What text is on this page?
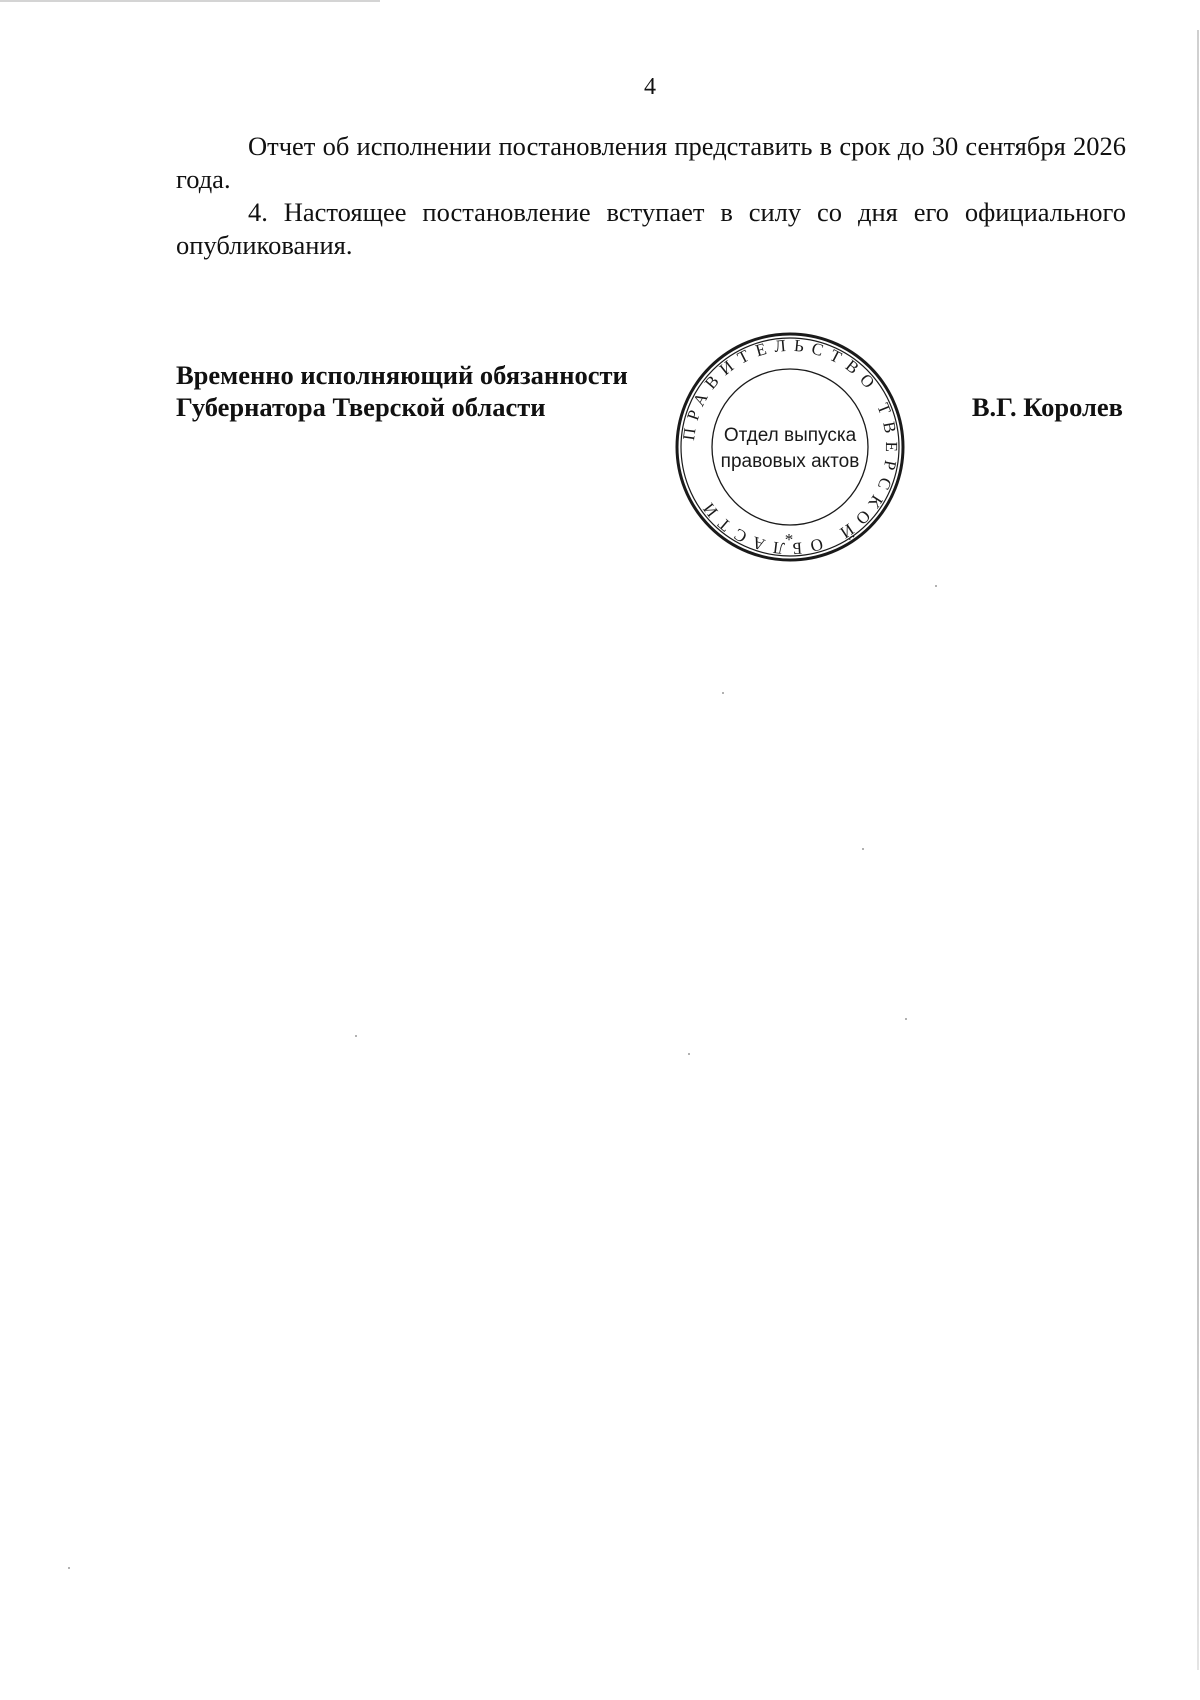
4

Отчет об исполнении постановления представить в срок до 30 сентября 2026 года.

4. Настоящее постановление вступает в силу со дня его официального опубликования.

Временно исполняющий обязанности
Губернатора Тверской области
ПРАВИТЕЛЬСТВО ТВЕРСКОЙ ОБЛАСТИ
Отдел выпуска
правовых актов
*
В.Г. Королев
